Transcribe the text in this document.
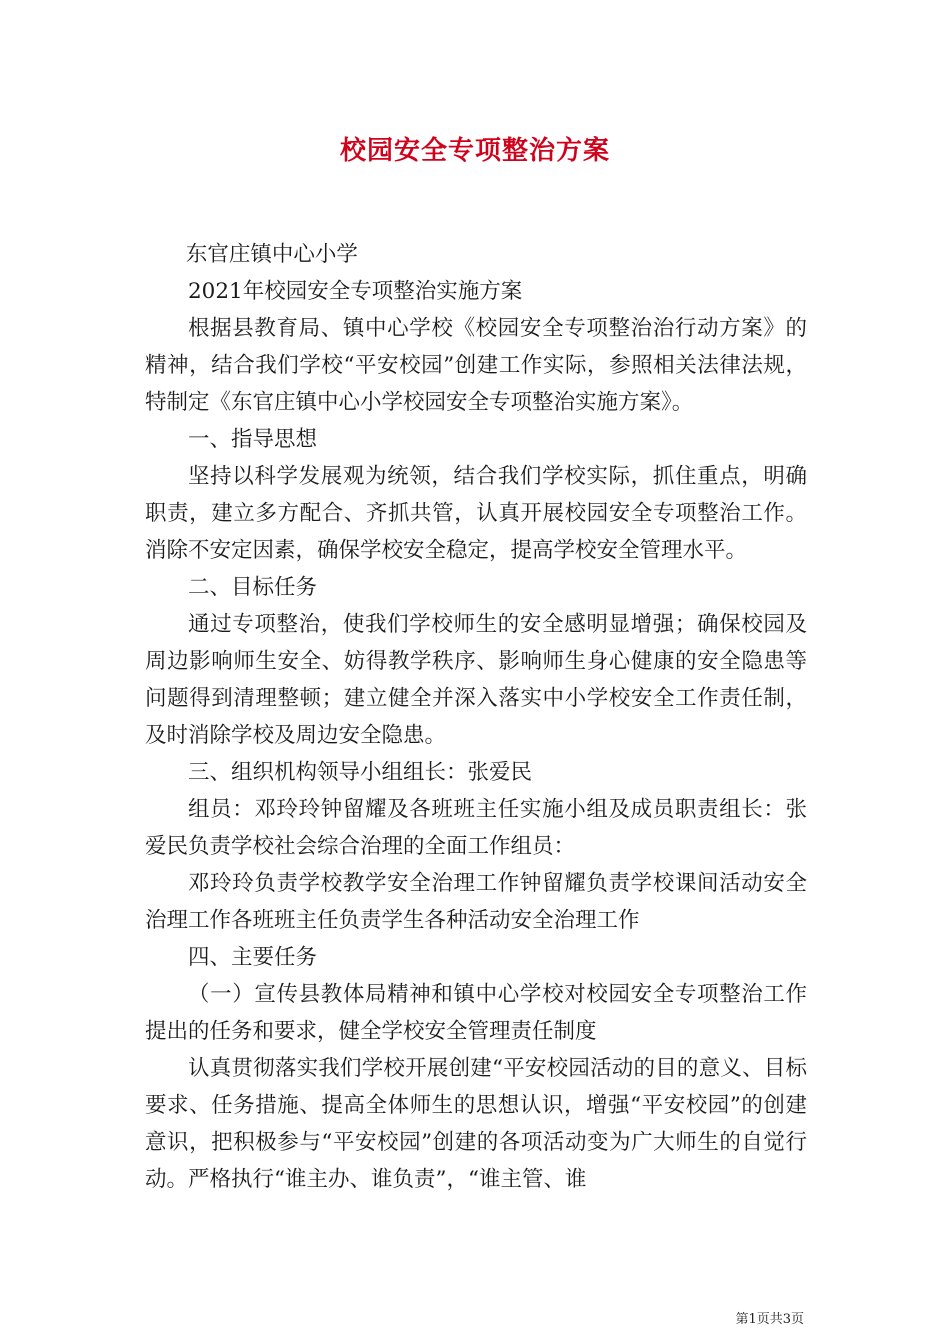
校园安全专项整治方案

东官庄镇中心小学

2021年校园安全专项整治实施方案

根据县教育局、镇中心学校《校园安全专项整治治行动方案》的精神，结合我们学校“平安校园”创建工作实际，参照相关法律法规，特制定《东官庄镇中心小学校园安全专项整治实施方案》。

一、指导思想

坚持以科学发展观为统领，结合我们学校实际，抓住重点，明确职责，建立多方配合、齐抓共管，认真开展校园安全专项整治工作。消除不安定因素，确保学校安全稳定，提高学校安全管理水平。

二、目标任务

通过专项整治，使我们学校师生的安全感明显增强；确保校园及周边影响师生安全、妨得教学秩序、影响师生身心健康的安全隐患等问题得到清理整顿；建立健全并深入落实中小学校安全工作责任制，及时消除学校及周边安全隐患。

三、组织机构领导小组组长：张爱民

组员：邓玲玲钟留耀及各班班主任实施小组及成员职责组长：张爱民负责学校社会综合治理的全面工作组员：

邓玲玲负责学校教学安全治理工作钟留耀负责学校课间活动安全治理工作各班班主任负责学生各种活动安全治理工作

四、主要任务

（一）宣传县教体局精神和镇中心学校对校园安全专项整治工作提出的任务和要求，健全学校安全管理责任制度

认真贯彻落实我们学校开展创建“平安校园活动的目的意义、目标要求、任务措施、提高全体师生的思想认识，增强“平安校园”的创建意识，把积极参与“平安校园”创建的各项活动变为广大师生的自觉行动。严格执行“谁主办、谁负责”，“谁主管、谁

第1页共3页
